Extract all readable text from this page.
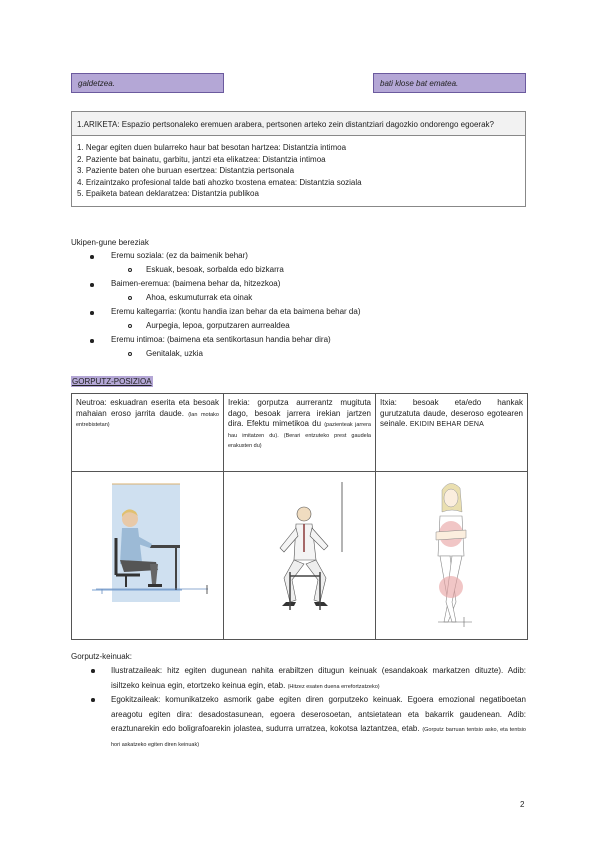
galdetzea.	bati klose bat ematea.
1.ARIKETA: Espazio pertsonaleko eremuen arabera, pertsonen arteko zein distantziari dagozkio ondorengo egoerak?
1. Negar egiten duen bularreko haur bat besotan hartzea: Distantzia intimoa
2. Paziente bat bainatu, garbitu, jantzi eta elikatzea: Distantzia intimoa
3. Paziente baten ohe buruan esertzea: Distantzia pertsonala
4. Erizaintzako profesional talde bati ahozko txostena ematea: Distantzia soziala
5. Epaiketa batean deklaratzea: Distantzia publikoa
Ukipen-gune bereziak
Eremu soziala: (ez da baimenik behar)
Eskuak, besoak, sorbalda edo bizkarra
Baimen-eremua: (baimena behar da, hitzezkoa)
Ahoa, eskumuturrak eta oinak
Eremu kaltegarria: (kontu handia izan behar da eta baimena behar da)
Aurpegia, lepoa, gorputzaren aurrealdea
Eremu intimoa: (baimena eta sentikortasun handia behar dira)
Genitalak, uzkia
GORPUTZ-POSIZIOA
Neutroa: eskuadran eserita eta besoak mahaian eroso jarrita daude. (lan motako entrebistetan)	Irekia: gorputza aurrerantz mugituta dago, besoak jarrera irekian jartzen dira. Efektu mimetikoa du (pazienteak jarrera hau imitatzen du). (Berari entzuteko prest gaudela erakusten du)	Itxia: besoak eta/edo hankak gurutzatuta daude, deseroso egotearen seinale. EKIDIN BEHAR DENA

Gorputz-keinuak:
Ilustratzaileak: hitz egiten dugunean nahita erabiltzen ditugun keinuak (esandakoak markatzen dituzte). Adib: isiltzeko keinua egin, etortzeko keinua egin, etab. (Hitzez esaten duena errefortzatzeko)
Egokitzaileak: komunikatzeko asmorik gabe egiten diren gorputzeko keinuak. Egoera emozional negatiboetan areagotu egiten dira: desadostasunean, egoera deserosoetan, antsietatean eta bakarrik gaudenean. Adib: eraztunarekin edo boligrafoarekin jolastea, sudurra urratzea, kokotsa laztantzea, etab. (Gorputz barruan tentsio asko, eta tentsio hori askatzeko egiten diren keinuak)
2
